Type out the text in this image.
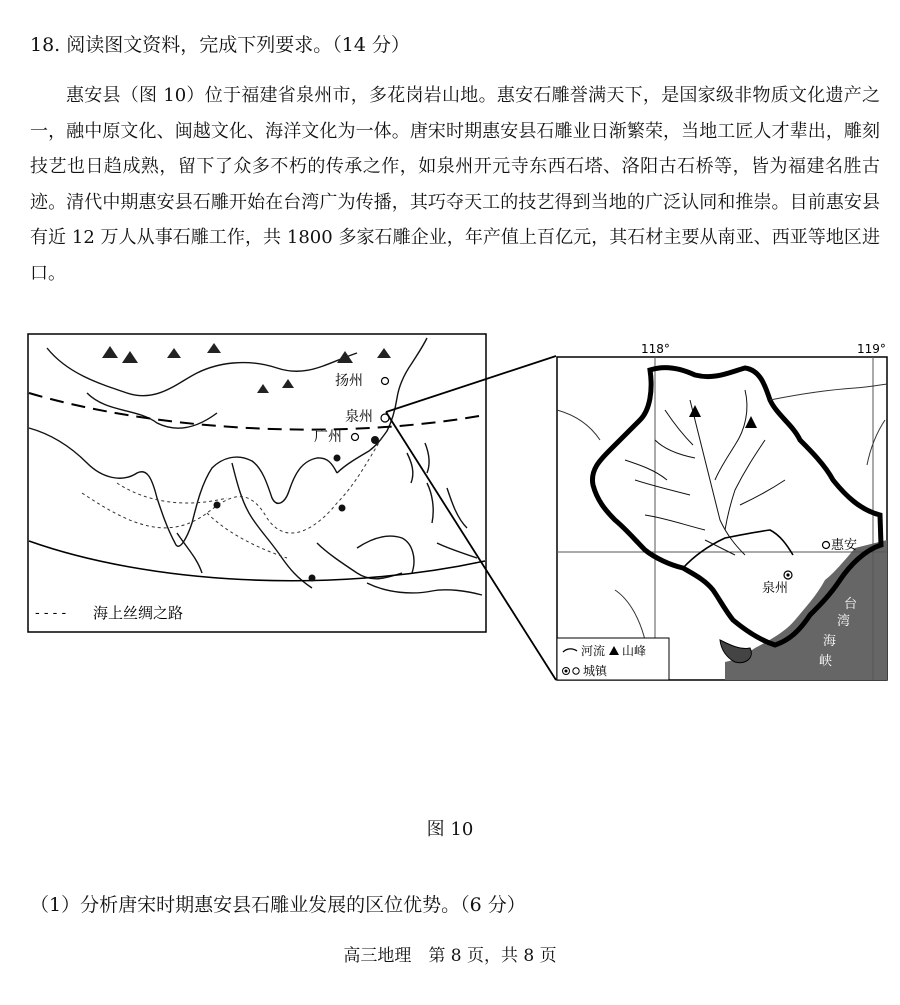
18. 阅读图文资料，完成下列要求。（14 分）
惠安县（图 10）位于福建省泉州市，多花岗岩山地。惠安石雕誉满天下，是国家级非物质文化遗产之一，融中原文化、闽越文化、海洋文化为一体。唐宋时期惠安县石雕业日渐繁荣，当地工匠人才辈出，雕刻技艺也日趋成熟，留下了众多不朽的传承之作，如泉州开元寺东西石塔、洛阳古石桥等，皆为福建名胜古迹。清代中期惠安县石雕开始在台湾广为传播，其巧夺天工的技艺得到当地的广泛认同和推崇。目前惠安县有近 12 万人从事石雕工作，共 1800 多家石雕企业，年产值上百亿元，其石材主要从南亚、西亚等地区进口。
扬州
泉州
广州
- - - - 海上丝绸之路
118°	119°
惠安
泉州
台
湾
海
峡
河流 山峰
城镇
图 10
（1）分析唐宋时期惠安县石雕业发展的区位优势。（6 分）
高三地理　第 8 页，共 8 页
